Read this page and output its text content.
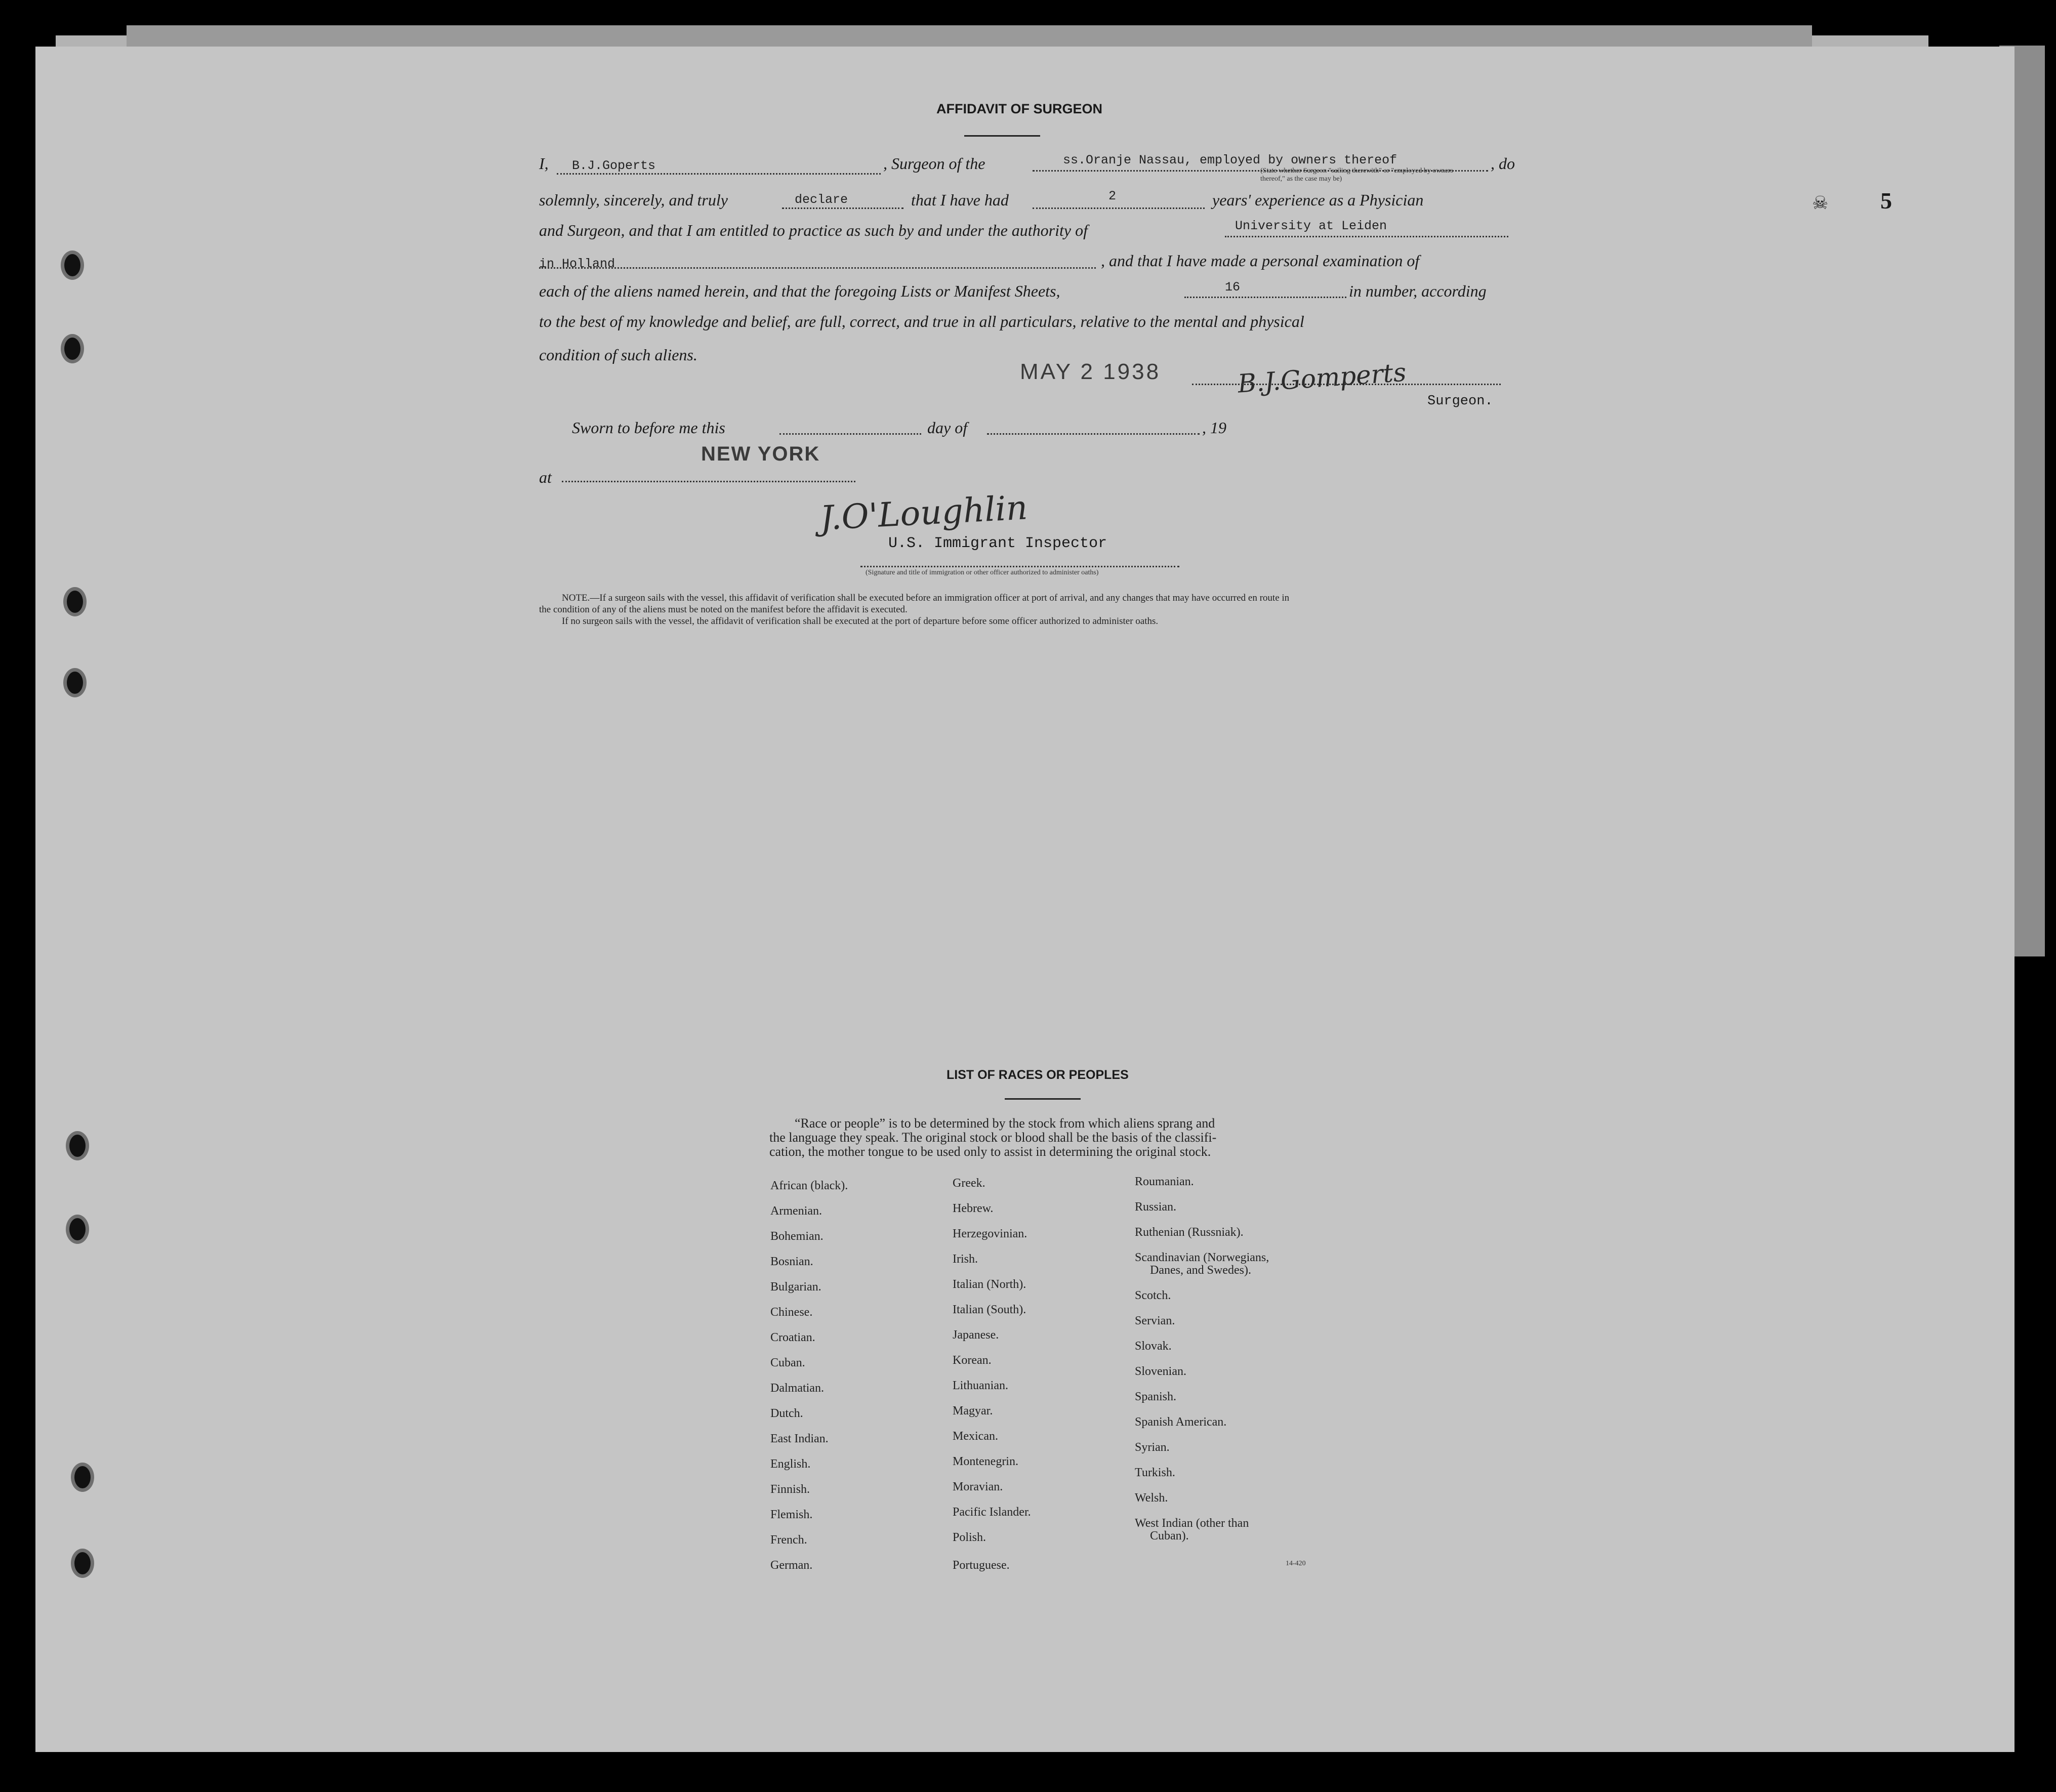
5
☠
AFFIDAVIT OF SURGEON
I, B.J.Goperts	, Surgeon of the	ss.Oranje Nassau, employed by owners thereof
(State whether Surgeon "sailing therewith" or "employed by owners thereof," as the case may be)
, do
solemnly, sincerely, and truly	declare	that I have had	2	years' experience as a Physician
and Surgeon, and that I am entitled to practice as such by and under the authority of	University at Leiden
in Holland	, and that I have made a personal examination of
each of the aliens named herein, and that the foregoing Lists or Manifest Sheets,	16	in number, according
to the best of my knowledge and belief, are full, correct, and true in all particulars, relative to the mental and physical
condition of such aliens.
MAY 2 1938	B.J.Gomperts
Surgeon.
Sworn to before me this	day of	, 19
NEW YORK
at
J.O'Loughlin
U.S. Immigrant Inspector
(Signature and title of immigration or other officer authorized to administer oaths)
NOTE.—If a surgeon sails with the vessel, this affidavit of verification shall be executed before an immigration officer at port of arrival, and any changes that may have occurred en route in
the condition of any of the aliens must be noted on the manifest before the affidavit is executed.
If no surgeon sails with the vessel, the affidavit of verification shall be executed at the port of departure before some officer authorized to administer oaths.
LIST OF RACES OR PEOPLES
“Race or people” is to be determined by the stock from which aliens sprang and
the language they speak. The original stock or blood shall be the basis of the classifi-
cation, the mother tongue to be used only to assist in determining the original stock.
African (black).
Armenian.
Bohemian.
Bosnian.
Bulgarian.
Chinese.
Croatian.
Cuban.
Dalmatian.
Dutch.
East Indian.
English.
Finnish.
Flemish.
French.
German.
Greek.
Hebrew.
Herzegovinian.
Irish.
Italian (North).
Italian (South).
Japanese.
Korean.
Lithuanian.
Magyar.
Mexican.
Montenegrin.
Moravian.
Pacific Islander.
Polish.
Portuguese.
Roumanian.
Russian.
Ruthenian (Russniak).
Scandinavian (Norwegians,
Danes, and Swedes).
Scotch.
Servian.
Slovak.
Slovenian.
Spanish.
Spanish American.
Syrian.
Turkish.
Welsh.
West Indian (other than
Cuban).
14-420
